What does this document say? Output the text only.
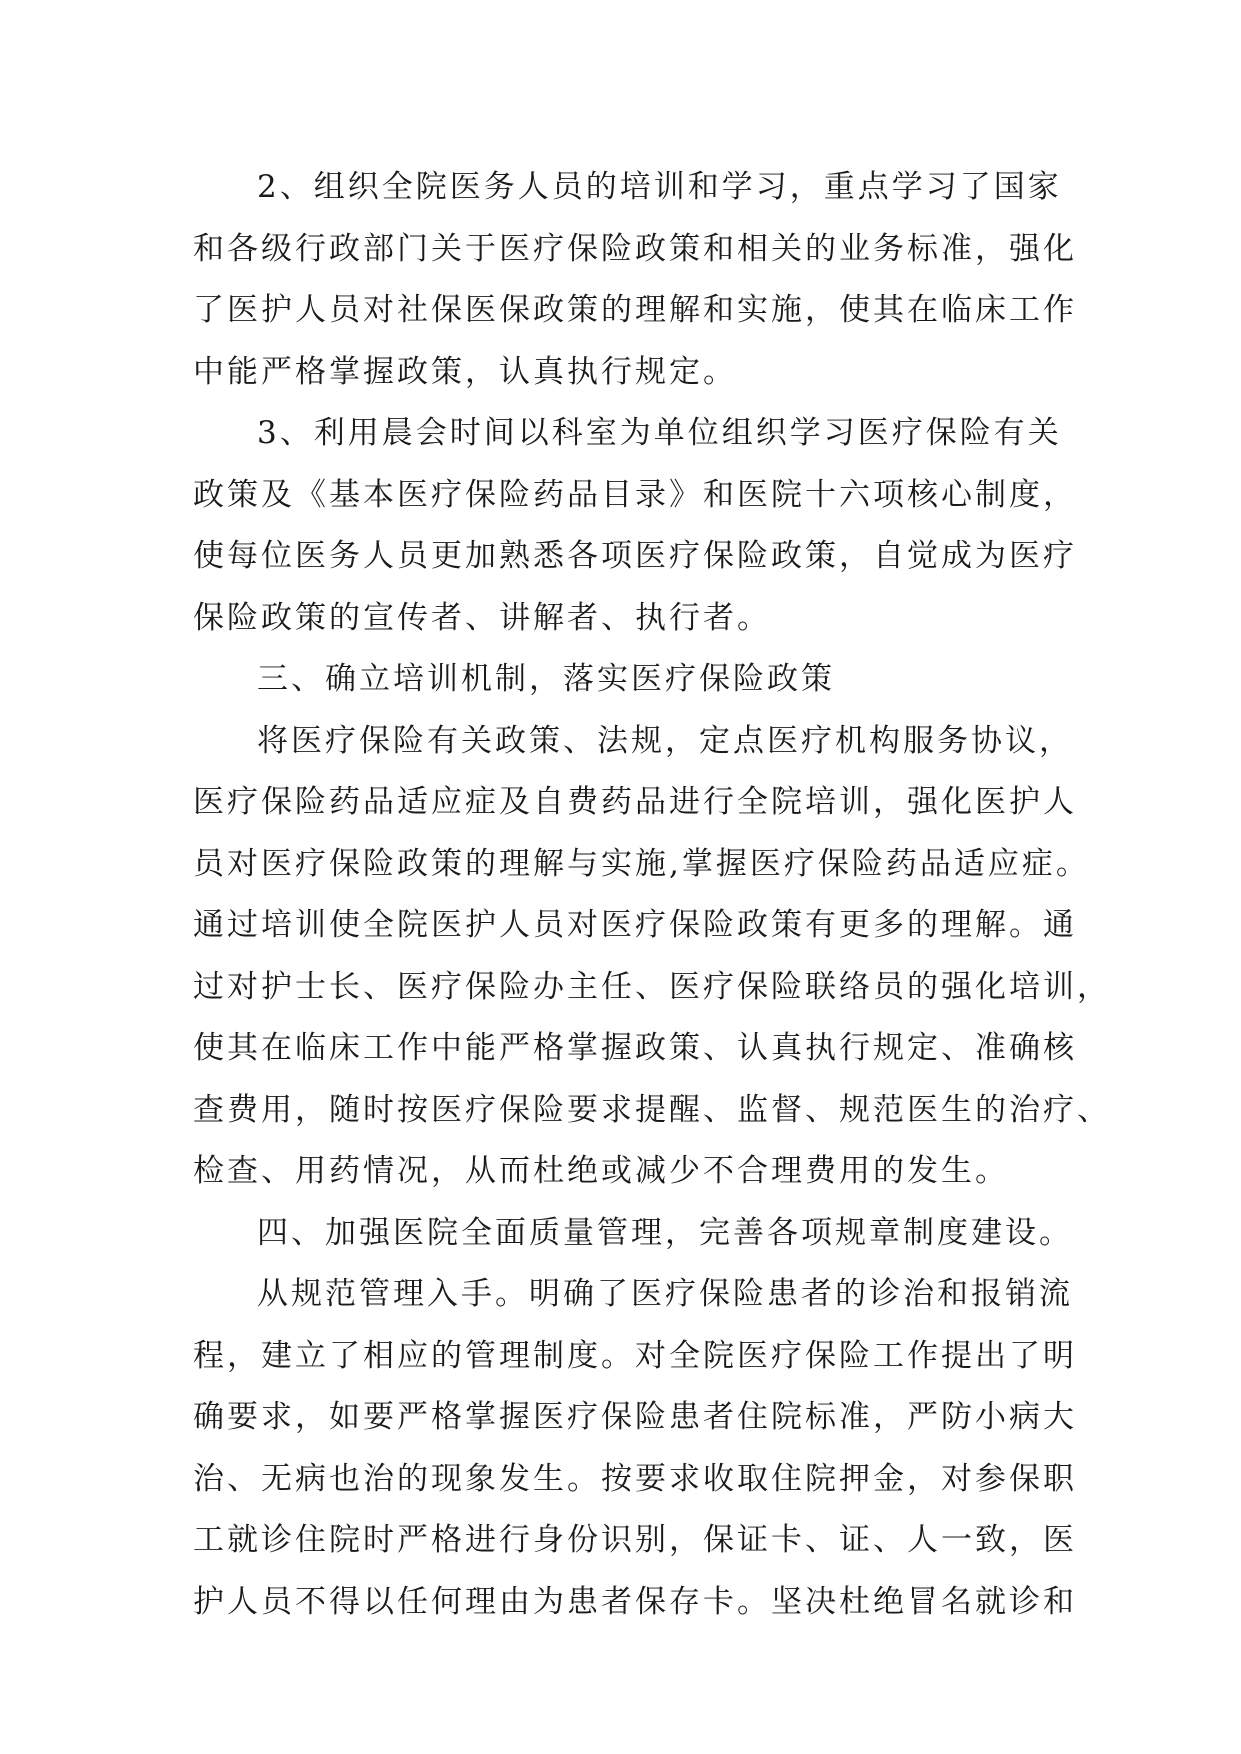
2、组织全院医务人员的培训和学习，重点学习了国家
和各级行政部门关于医疗保险政策和相关的业务标准，强化
了医护人员对社保医保政策的理解和实施，使其在临床工作
中能严格掌握政策，认真执行规定。

3、利用晨会时间以科室为单位组织学习医疗保险有关
政策及《基本医疗保险药品目录》和医院十六项核心制度，
使每位医务人员更加熟悉各项医疗保险政策，自觉成为医疗
保险政策的宣传者、讲解者、执行者。

三、确立培训机制，落实医疗保险政策

将医疗保险有关政策、法规，定点医疗机构服务协议，
医疗保险药品适应症及自费药品进行全院培训，强化医护人
员对医疗保险政策的理解与实施,掌握医疗保险药品适应症。
通过培训使全院医护人员对医疗保险政策有更多的理解。通
过对护士长、医疗保险办主任、医疗保险联络员的强化培训，
使其在临床工作中能严格掌握政策、认真执行规定、准确核
查费用，随时按医疗保险要求提醒、监督、规范医生的治疗、
检查、用药情况，从而杜绝或减少不合理费用的发生。

四、加强医院全面质量管理，完善各项规章制度建设。

从规范管理入手。明确了医疗保险患者的诊治和报销流
程，建立了相应的管理制度。对全院医疗保险工作提出了明
确要求，如要严格掌握医疗保险患者住院标准，严防小病大
治、无病也治的现象发生。按要求收取住院押金，对参保职
工就诊住院时严格进行身份识别，保证卡、证、人一致，医
护人员不得以任何理由为患者保存卡。坚决杜绝冒名就诊和
